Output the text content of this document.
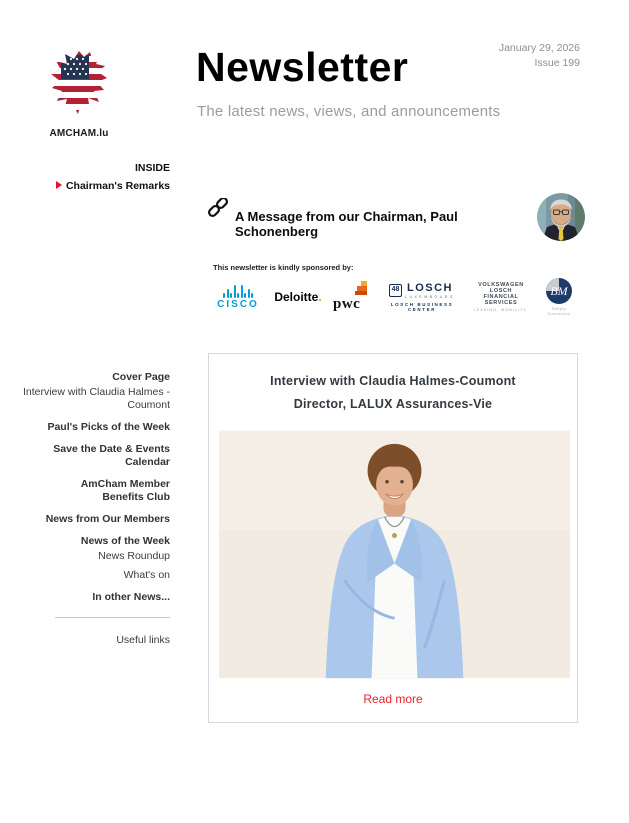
AMCHAM.lu
January 29, 2026
Issue 199
Newsletter
The latest news, views, and announcements
INSIDE
Chairman's Remarks
A Message from our Chairman, Paul Schonenberg
This newsletter is kindly sponsored by:
CISCO	Deloitte. pwc
48 LOSCH
LUXEMBOURG
LOSCH BUSINESS CENTER
VOLKSWAGEN LOSCH
FINANCIAL SERVICES
LEASING, MOBILITY.
BM
Simply Successful
Cover Page
Interview with Claudia Halmes - Coumont
Paul's Picks of the Week
Save the Date & Events Calendar
AmCham Member Benefits Club
News from Our Members
News of the Week
News Roundup
What's on
In other News...
Useful links
Interview with Claudia Halmes-Coumont
Director, LALUX Assurances-Vie
Read more
